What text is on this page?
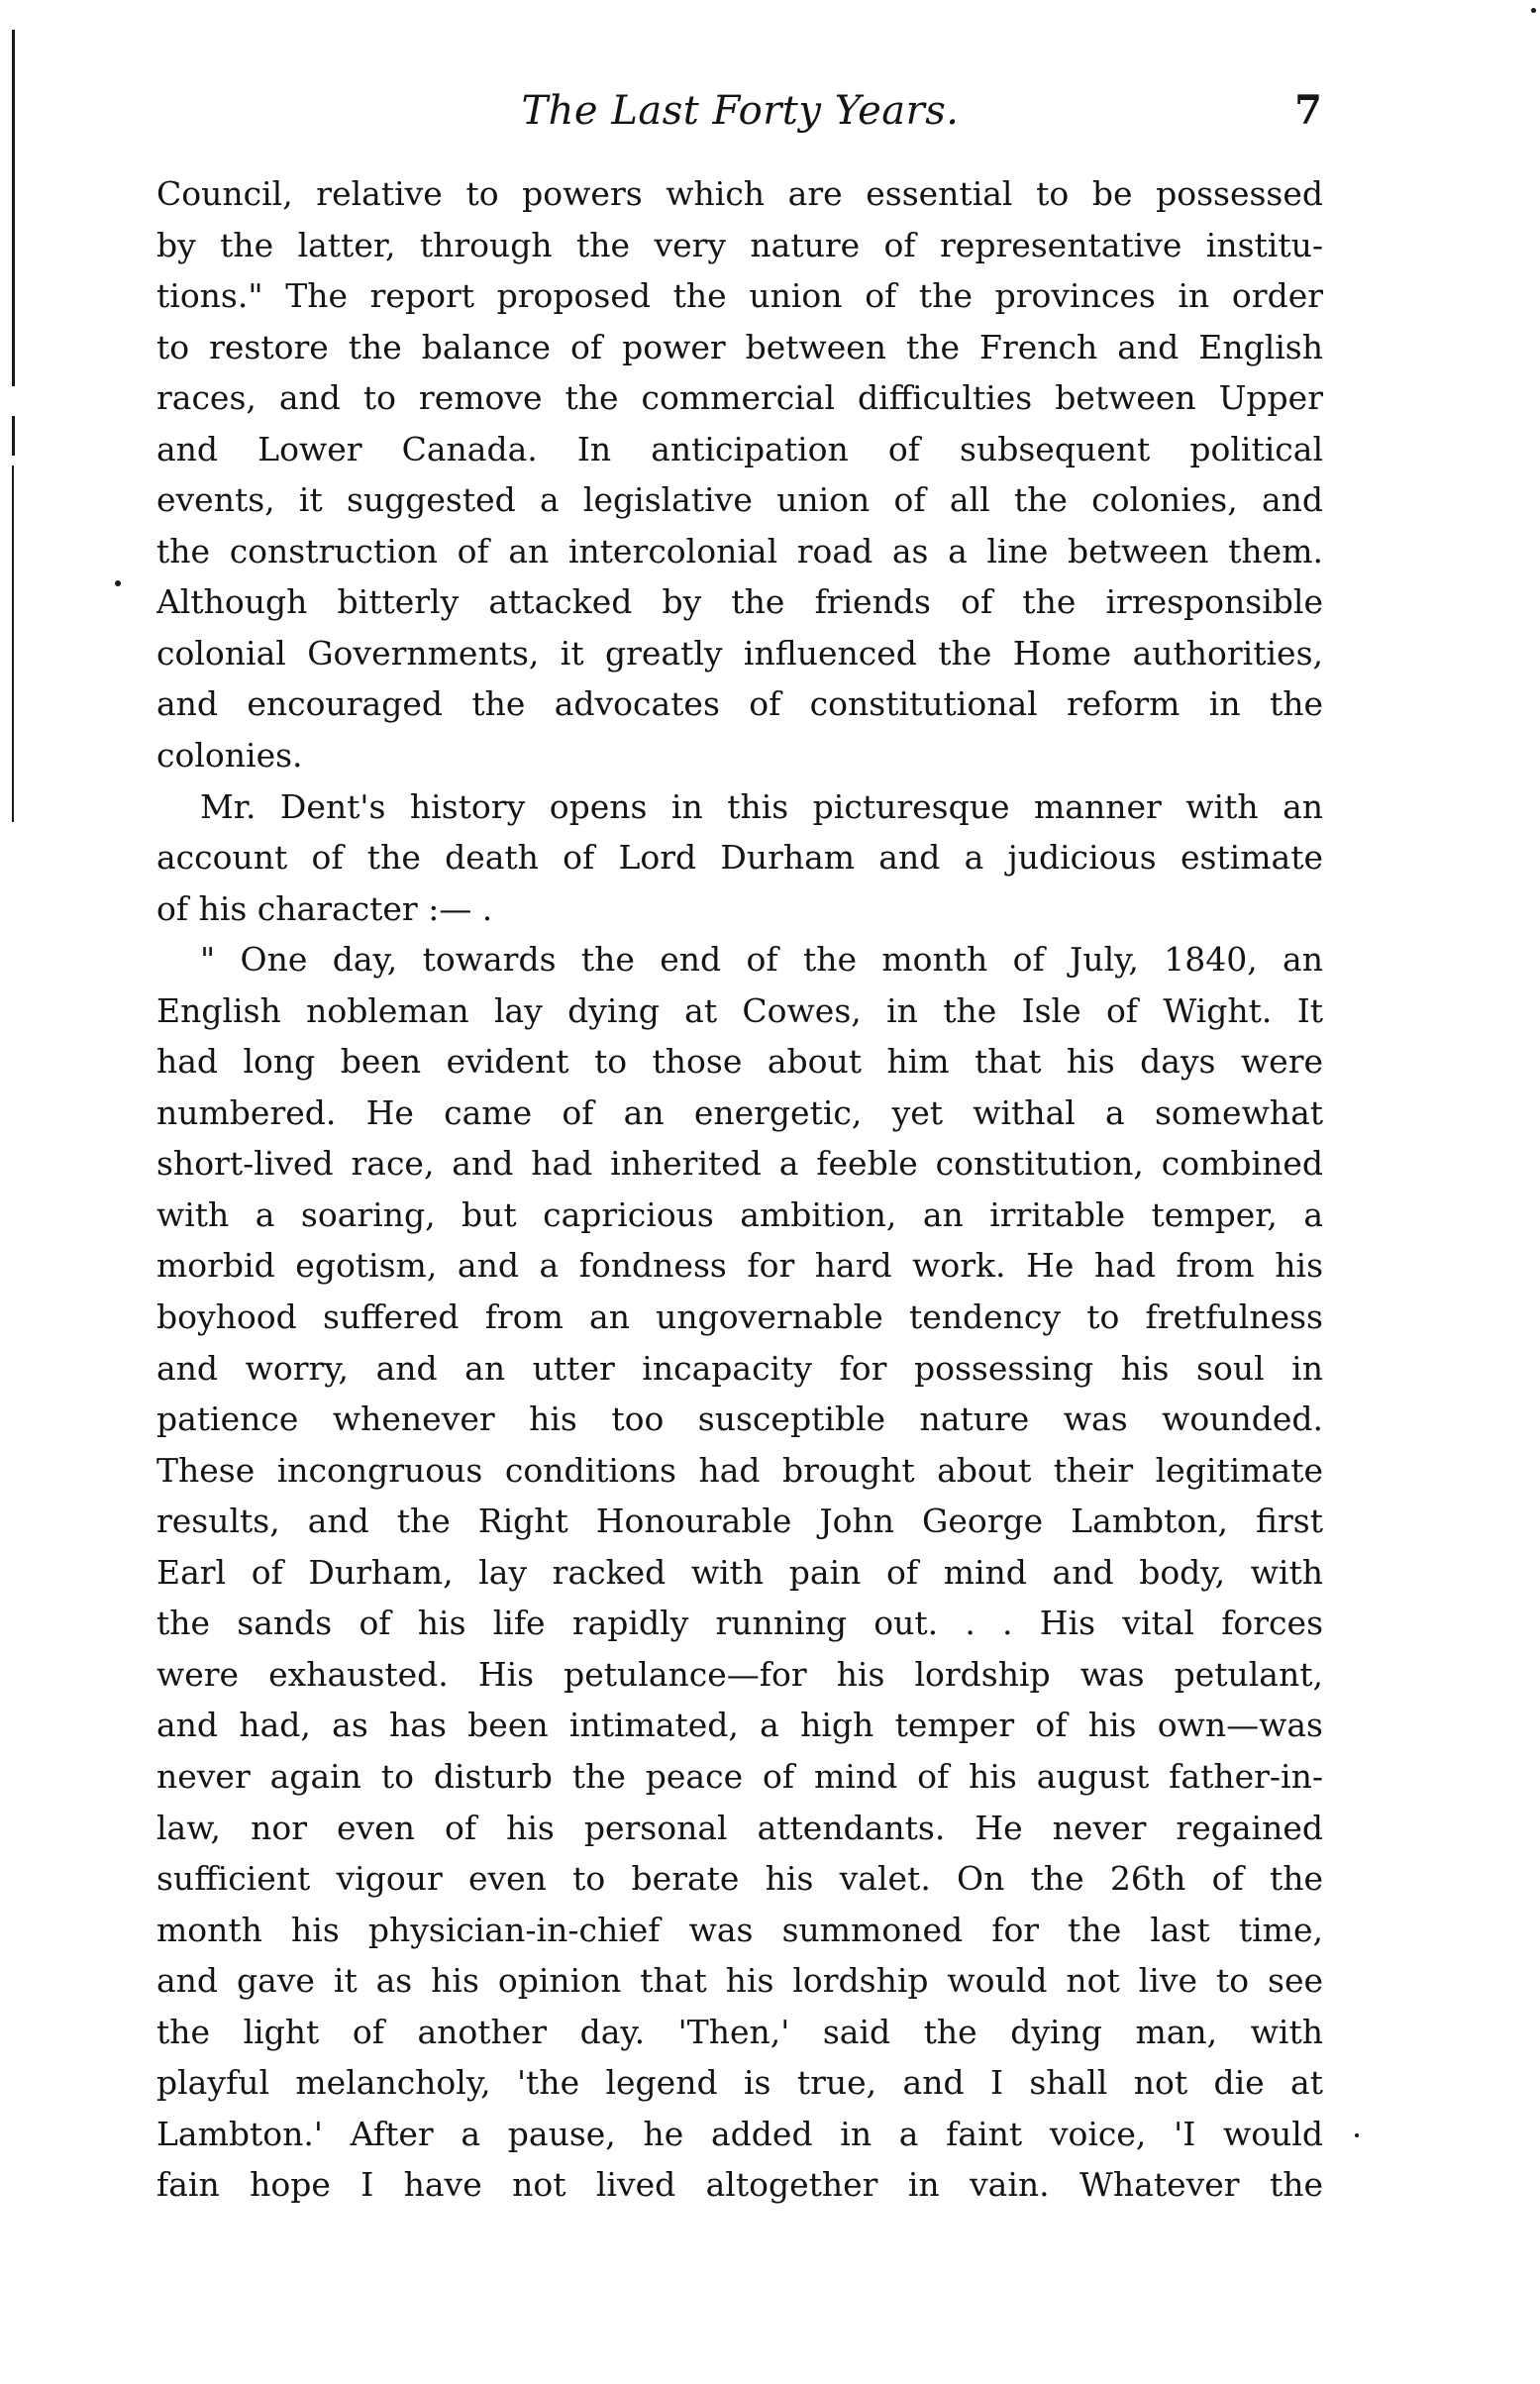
The Last Forty Years.	7
Council, relative to powers which are essential to be possessed
by the latter, through the very nature of representative institu-
tions." The report proposed the union of the provinces in order
to restore the balance of power between the French and English
races, and to remove the commercial difficulties between Upper
and Lower Canada. In anticipation of subsequent political
events, it suggested a legislative union of all the colonies, and
the construction of an intercolonial road as a line between them.
Although bitterly attacked by the friends of the irresponsible
colonial Governments, it greatly influenced the Home authorities,
and encouraged the advocates of constitutional reform in the
colonies.
Mr. Dent's history opens in this picturesque manner with an
account of the death of Lord Durham and a judicious estimate
of his character :— .
" One day, towards the end of the month of July, 1840, an
English nobleman lay dying at Cowes, in the Isle of Wight. It
had long been evident to those about him that his days were
numbered. He came of an energetic, yet withal a somewhat
short-lived race, and had inherited a feeble constitution, combined
with a soaring, but capricious ambition, an irritable temper, a
morbid egotism, and a fondness for hard work. He had from his
boyhood suffered from an ungovernable tendency to fretfulness
and worry, and an utter incapacity for possessing his soul in
patience whenever his too susceptible nature was wounded.
These incongruous conditions had brought about their legitimate
results, and the Right Honourable John George Lambton, first
Earl of Durham, lay racked with pain of mind and body, with
the sands of his life rapidly running out. . . His vital forces
were exhausted. His petulance—for his lordship was petulant,
and had, as has been intimated, a high temper of his own—was
never again to disturb the peace of mind of his august father-in-
law, nor even of his personal attendants. He never regained
sufficient vigour even to berate his valet. On the 26th of the
month his physician-in-chief was summoned for the last time,
and gave it as his opinion that his lordship would not live to see
the light of another day. 'Then,' said the dying man, with
playful melancholy, 'the legend is true, and I shall not die at
Lambton.' After a pause, he added in a faint voice, 'I would
fain hope I have not lived altogether in vain. Whatever the
